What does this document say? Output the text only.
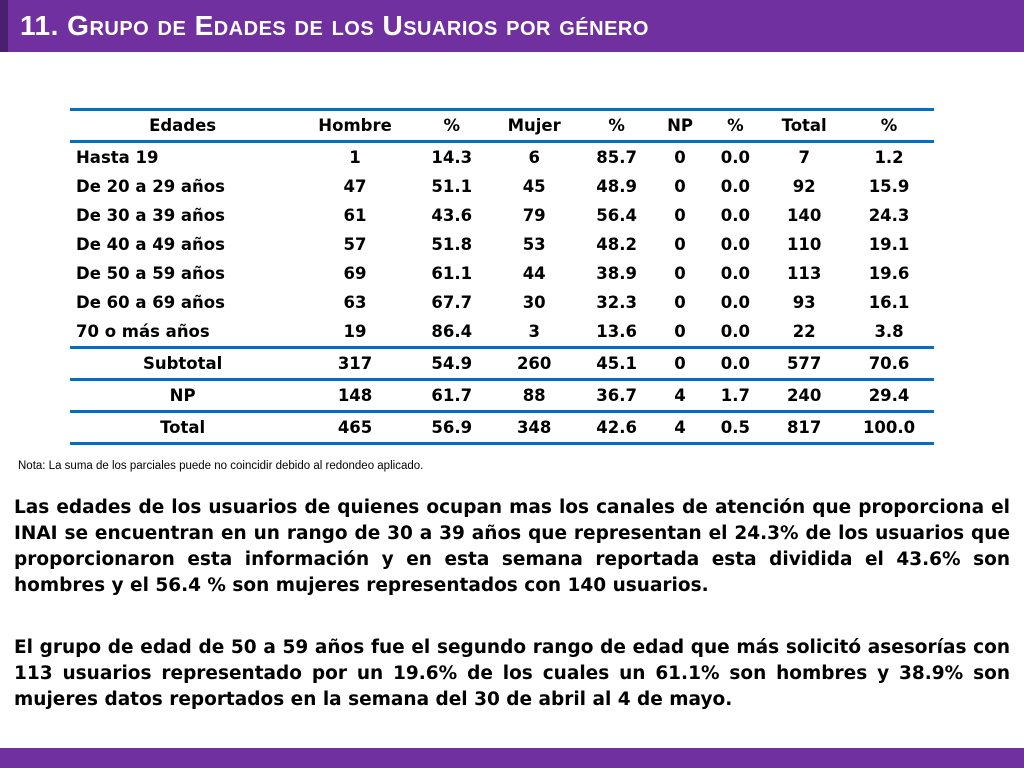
11. Grupo de Edades de los Usuarios por género
Edades	Hombre	%	Mujer	%	NP	%	Total	%
Hasta 19	1	14.3	6	85.7	0	0.0	7	1.2
De 20 a 29 años	47	51.1	45	48.9	0	0.0	92	15.9
De 30 a 39 años	61	43.6	79	56.4	0	0.0	140	24.3
De 40 a 49 años	57	51.8	53	48.2	0	0.0	110	19.1
De 50 a 59 años	69	61.1	44	38.9	0	0.0	113	19.6
De 60 a 69 años	63	67.7	30	32.3	0	0.0	93	16.1
70 o más años	19	86.4	3	13.6	0	0.0	22	3.8
Subtotal	317	54.9	260	45.1	0	0.0	577	70.6
NP	148	61.7	88	36.7	4	1.7	240	29.4
Total	465	56.9	348	42.6	4	0.5	817	100.0
Nota: La suma de los parciales puede no coincidir debido al redondeo aplicado.

Las edades de los usuarios de quienes ocupan mas los canales de atención que proporciona el INAI se encuentran en un rango de 30 a 39 años que representan el 24.3% de los usuarios que proporcionaron esta información y en esta semana reportada esta dividida el 43.6% son hombres y el 56.4 % son mujeres representados con 140 usuarios.

El grupo de edad de 50 a 59 años fue el segundo rango de edad que más solicitó asesorías con 113 usuarios representado por un 19.6% de los cuales un 61.1% son hombres y 38.9% son mujeres datos reportados en la semana del 30 de abril al 4 de mayo.
